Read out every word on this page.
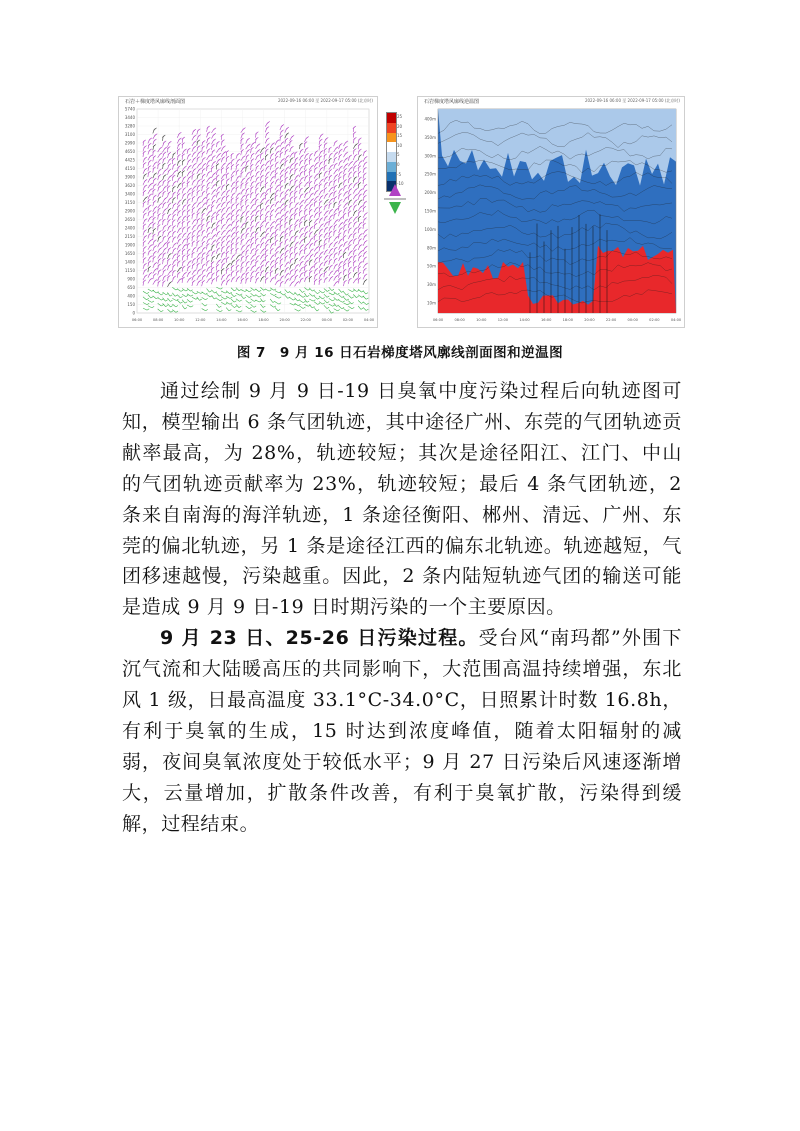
石岩＋梯度塔风廓线剖面图	2022-09-16 06:00 至 2022-09-17 05:00 (北京时)
5740
3440
3280
3100
2990
4650
4425
4150
3900
3620
3400
3150
2900
2650
2400
2150
1900
1650
1400
1150
900
650
400
150
0
06:00	08:00	10:00	12:00	14:00	16:00	18:00	20:00	22:00	00:00	02:00	04:00
25
20
15
10
5
0
-5
-10
石岩梯度塔风廓线逆温图	2022-09-16 06:00 至 2022-09-17 05:00 (北京时)
400m
350m
300m
250m
200m
150m
100m
80m
50m
30m
10m
06:00	08:00	10:00	12:00	14:00	16:00	18:00	20:00	22:00	00:00	02:00	04:00
图 7　9 月 16 日石岩梯度塔风廓线剖面图和逆温图

通过绘制 9 月 9 日-19 日臭氧中度污染过程后向轨迹图可知，模型输出 6 条气团轨迹，其中途径广州、东莞的气团轨迹贡献率最高，为 28%，轨迹较短；其次是途径阳江、江门、中山的气团轨迹贡献率为 23%，轨迹较短；最后 4 条气团轨迹，2 条来自南海的海洋轨迹，1 条途径衡阳、郴州、清远、广州、东莞的偏北轨迹，另 1 条是途径江西的偏东北轨迹。轨迹越短，气团移速越慢，污染越重。因此，2 条内陆短轨迹气团的输送可能是造成 9 月 9 日-19 日时期污染的一个主要原因。

9 月 23 日、25-26 日污染过程。受台风“南玛都”外围下沉气流和大陆暖高压的共同影响下，大范围高温持续增强，东北风 1 级，日最高温度 33.1°C-34.0°C，日照累计时数 16.8h，有利于臭氧的生成，15 时达到浓度峰值，随着太阳辐射的减弱，夜间臭氧浓度处于较低水平；9 月 27 日污染后风速逐渐增大，云量增加，扩散条件改善，有利于臭氧扩散，污染得到缓解，过程结束。
